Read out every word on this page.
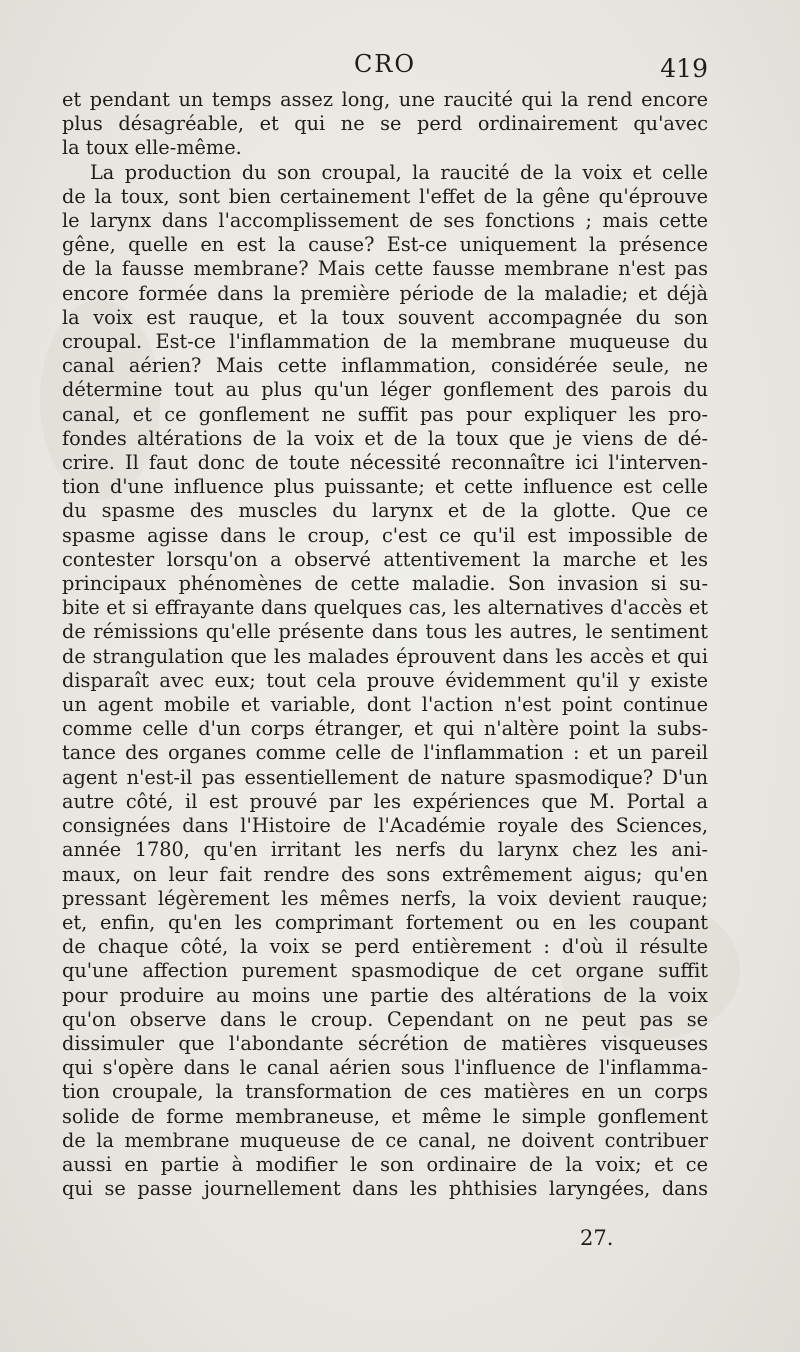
CRO	419
et pendant un temps assez long, une raucité qui la rend encore
plus désagréable, et qui ne se perd ordinairement qu'avec
la toux elle-même.
La production du son croupal, la raucité de la voix et celle
de la toux, sont bien certainement l'effet de la gêne qu'éprouve
le larynx dans l'accomplissement de ses fonctions ; mais cette
gêne, quelle en est la cause? Est-ce uniquement la présence
de la fausse membrane? Mais cette fausse membrane n'est pas
encore formée dans la première période de la maladie; et déjà
la voix est rauque, et la toux souvent accompagnée du son
croupal. Est-ce l'inflammation de la membrane muqueuse du
canal aérien? Mais cette inflammation, considérée seule, ne
détermine tout au plus qu'un léger gonflement des parois du
canal, et ce gonflement ne suffit pas pour expliquer les pro-
fondes altérations de la voix et de la toux que je viens de dé-
crire. Il faut donc de toute nécessité reconnaître ici l'interven-
tion d'une influence plus puissante; et cette influence est celle
du spasme des muscles du larynx et de la glotte. Que ce
spasme agisse dans le croup, c'est ce qu'il est impossible de
contester lorsqu'on a observé attentivement la marche et les
principaux phénomènes de cette maladie. Son invasion si su-
bite et si effrayante dans quelques cas, les alternatives d'accès et
de rémissions qu'elle présente dans tous les autres, le sentiment
de strangulation que les malades éprouvent dans les accès et qui
disparaît avec eux; tout cela prouve évidemment qu'il y existe
un agent mobile et variable, dont l'action n'est point continue
comme celle d'un corps étranger, et qui n'altère point la subs-
tance des organes comme celle de l'inflammation : et un pareil
agent n'est-il pas essentiellement de nature spasmodique? D'un
autre côté, il est prouvé par les expériences que M. Portal a
consignées dans l'Histoire de l'Académie royale des Sciences,
année 1780, qu'en irritant les nerfs du larynx chez les ani-
maux, on leur fait rendre des sons extrêmement aigus; qu'en
pressant légèrement les mêmes nerfs, la voix devient rauque;
et, enfin, qu'en les comprimant fortement ou en les coupant
de chaque côté, la voix se perd entièrement : d'où il résulte
qu'une affection purement spasmodique de cet organe suffit
pour produire au moins une partie des altérations de la voix
qu'on observe dans le croup. Cependant on ne peut pas se
dissimuler que l'abondante sécrétion de matières visqueuses
qui s'opère dans le canal aérien sous l'influence de l'inflamma-
tion croupale, la transformation de ces matières en un corps
solide de forme membraneuse, et même le simple gonflement
de la membrane muqueuse de ce canal, ne doivent contribuer
aussi en partie à modifier le son ordinaire de la voix; et ce
qui se passe journellement dans les phthisies laryngées, dans
27.
